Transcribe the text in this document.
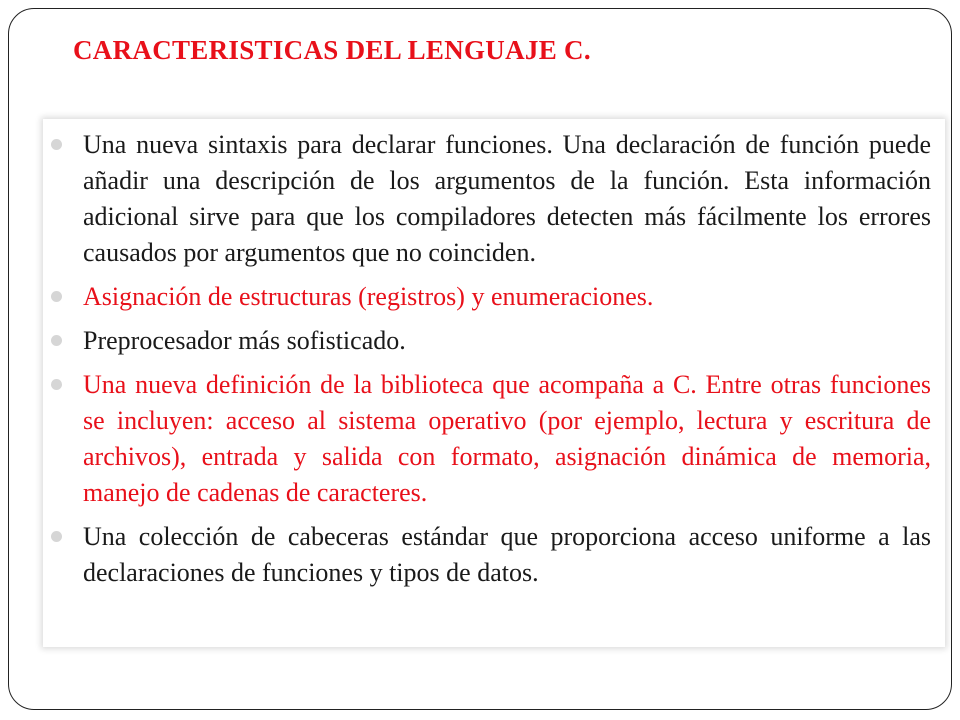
CARACTERISTICAS DEL LENGUAJE C.
Una nueva sintaxis para declarar funciones. Una declaración de función puede añadir una descripción de los argumentos de la función. Esta información adicional sirve para que los compiladores detecten más fácilmente los errores causados por argumentos que no coinciden.
Asignación de estructuras (registros) y enumeraciones.
Preprocesador más sofisticado.
Una nueva definición de la biblioteca que acompaña a C. Entre otras funciones se incluyen: acceso al sistema operativo (por ejemplo, lectura y escritura de archivos), entrada y salida con formato, asignación dinámica de memoria, manejo de cadenas de caracteres.
Una colección de cabeceras estándar que proporciona acceso uniforme a las declaraciones de funciones y tipos de datos.
